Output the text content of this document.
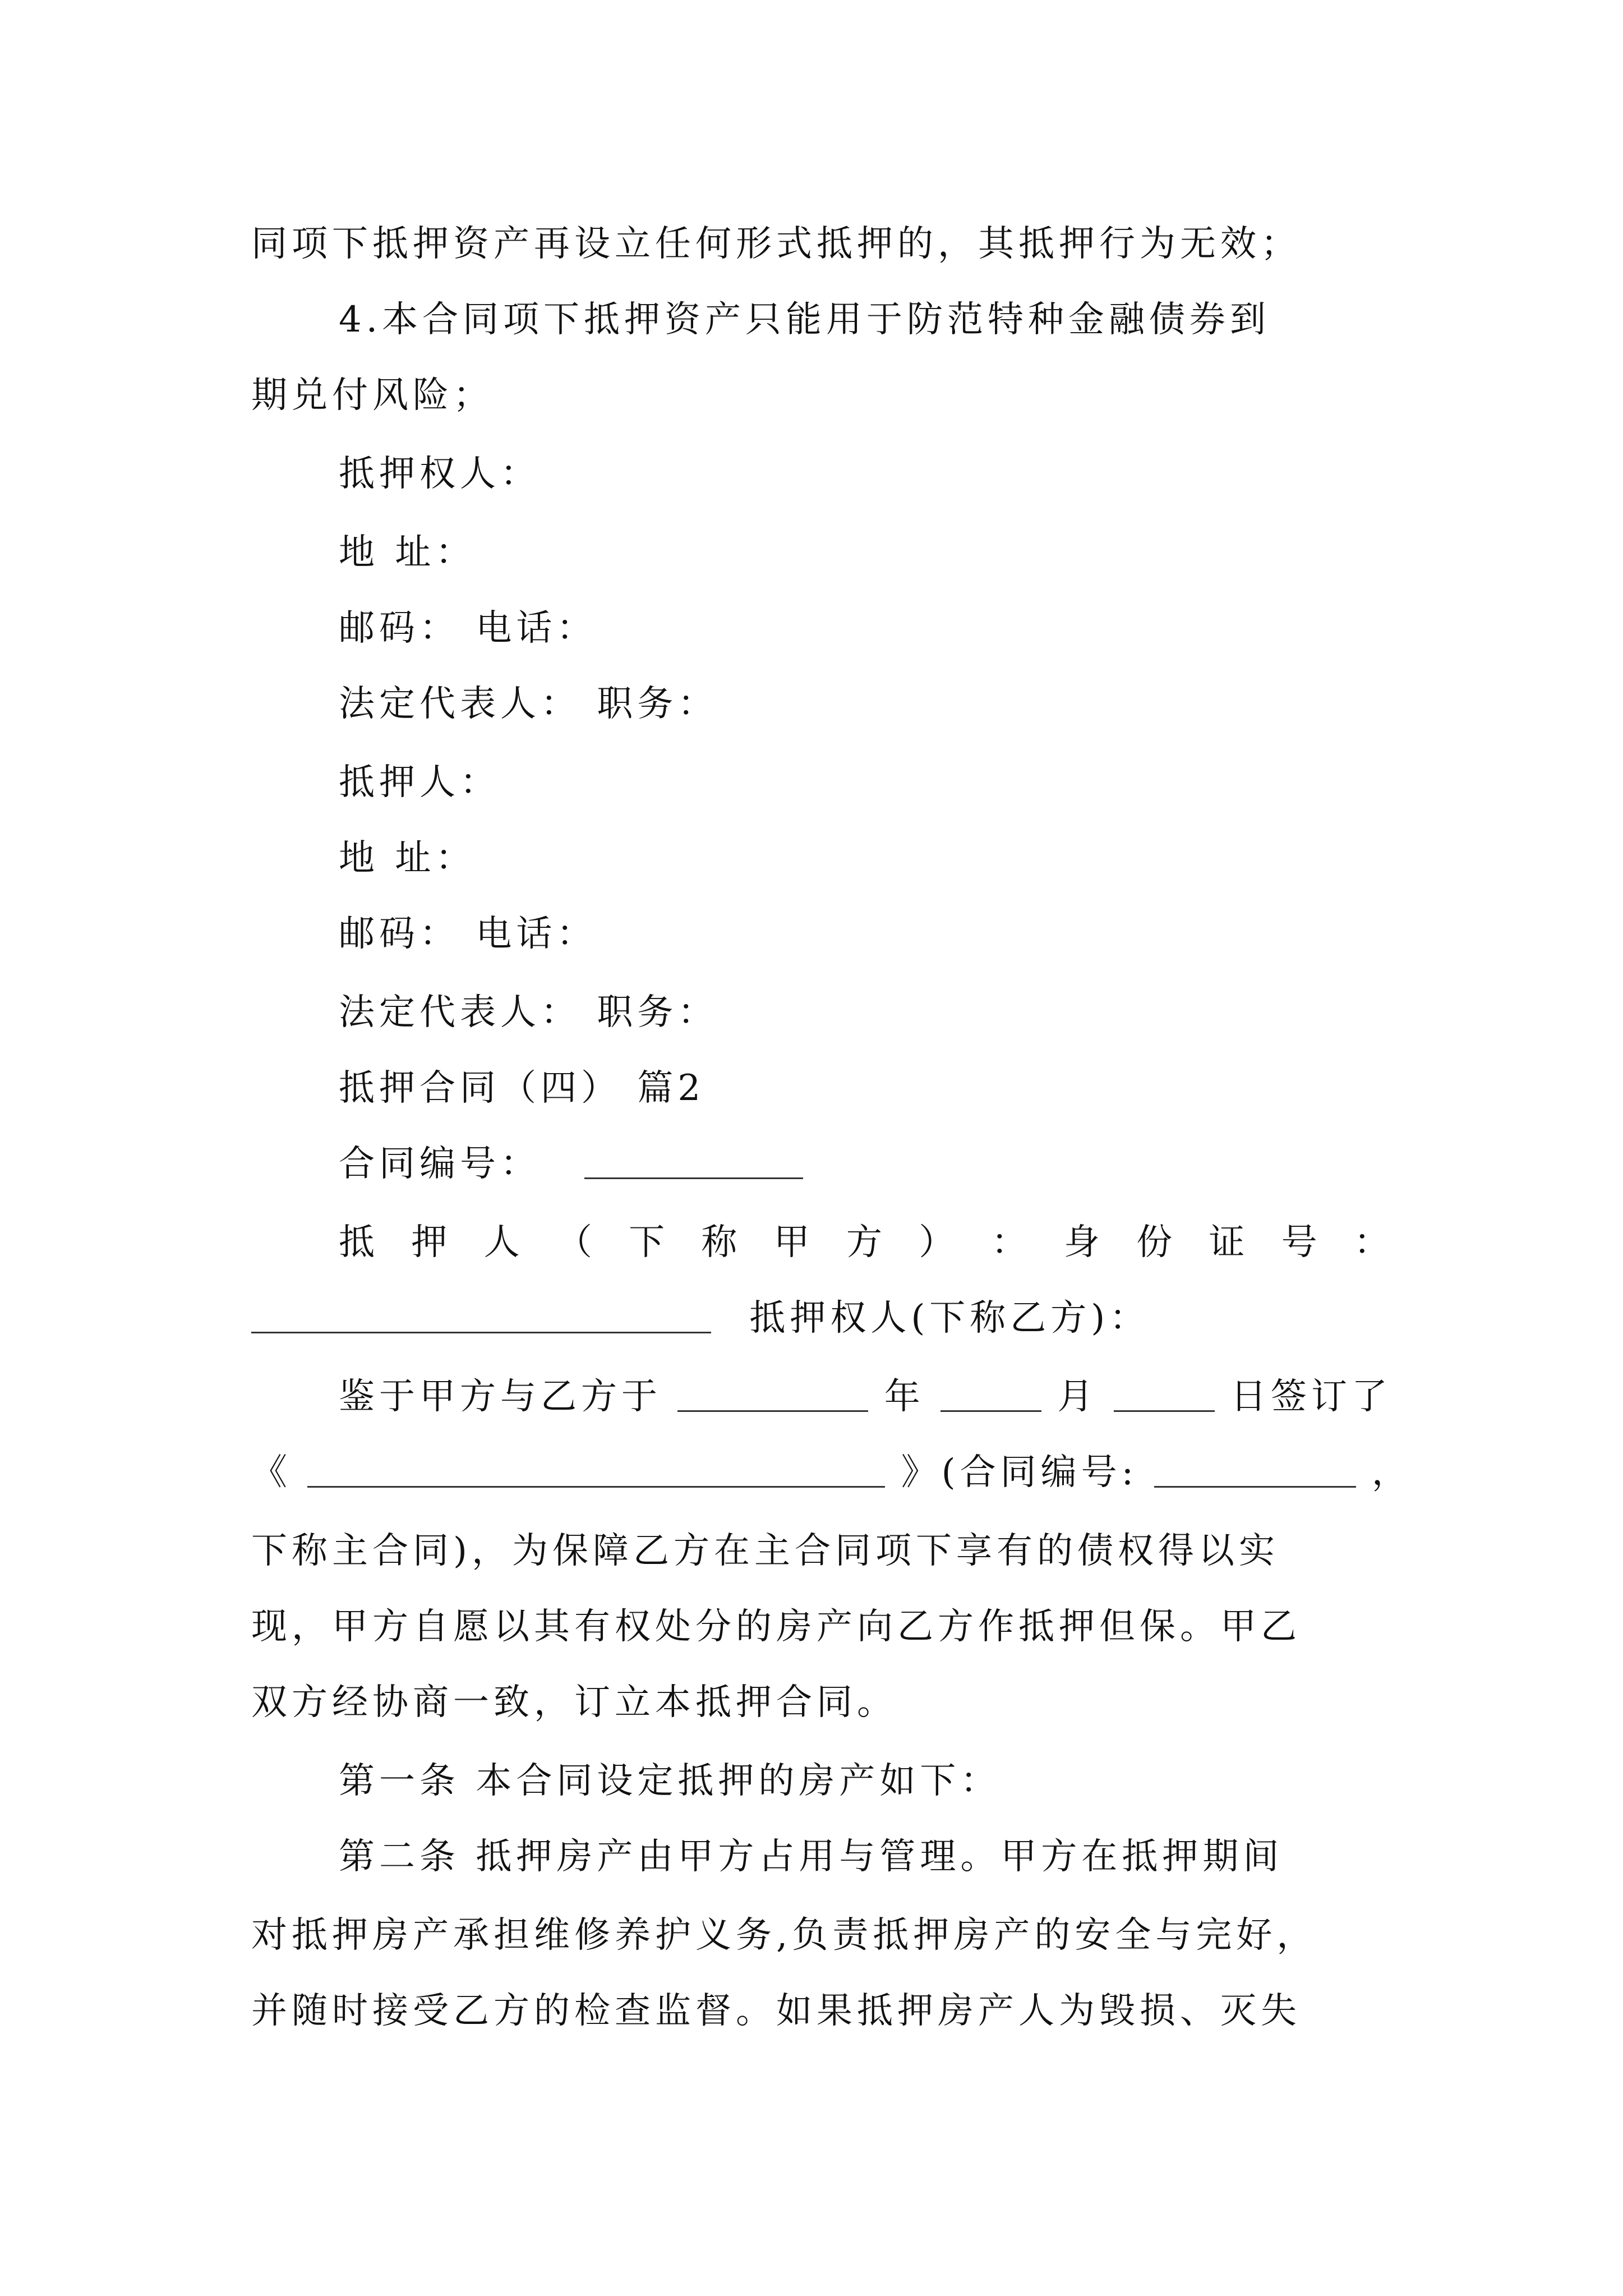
同项下抵押资产再设立任何形式抵押的，其抵押行为无效；
4.本合同项下抵押资产只能用于防范特种金融债券到
期兑付风险；
抵押权人：
地 址：
邮码： 电话：
法定代表人： 职务：
抵押人：
地 址：
邮码： 电话：
法定代表人： 职务：
抵押合同（四） 篇2
合同编号：
抵 押 人 （ 下 称 甲 方 ） ： 身 份 证 号 ：
抵押权人(下称乙方)：
鉴于甲方与乙方于	年	月	日签订了
《	》(合同编号:	，
下称主合同)，为保障乙方在主合同项下享有的债权得以实
现，甲方自愿以其有权处分的房产向乙方作抵押但保。甲乙
双方经协商一致，订立本抵押合同。
第一条 本合同设定抵押的房产如下：
第二条 抵押房产由甲方占用与管理。甲方在抵押期间
对抵押房产承担维修养护义务,负责抵押房产的安全与完好，
并随时接受乙方的检查监督。如果抵押房产人为毁损、灭失
